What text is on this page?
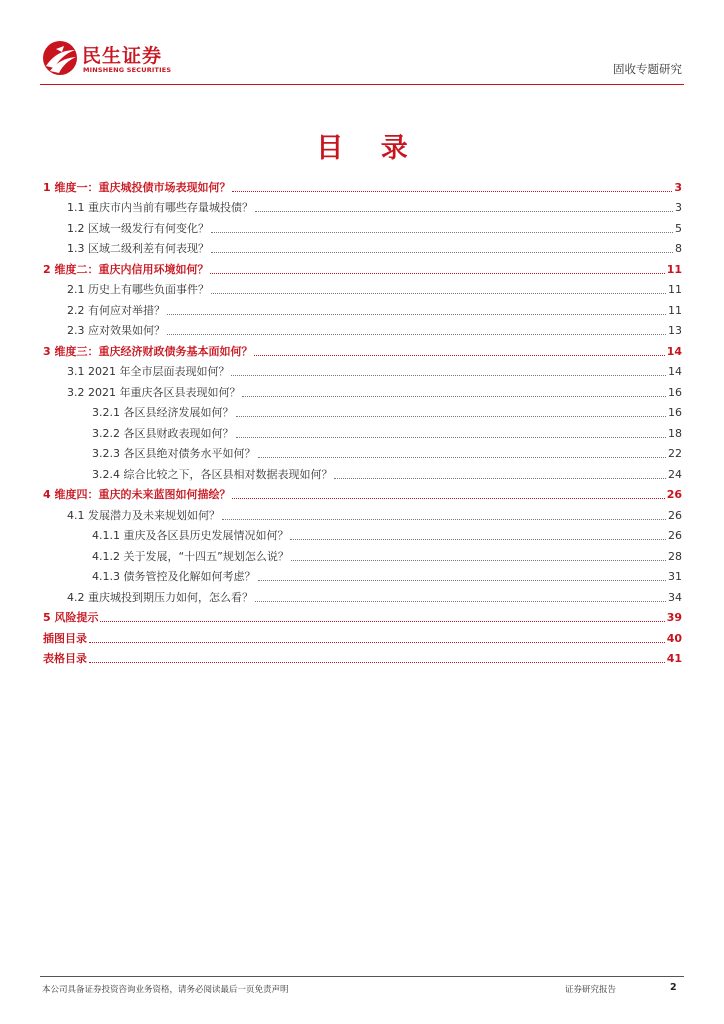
民生证券
MINSHENG SECURITIES	固收专题研究
目 录
1 维度一：重庆城投债市场表现如何？	3
1.1 重庆市内当前有哪些存量城投债？	3
1.2 区域一级发行有何变化？	5
1.3 区域二级利差有何表现？	8
2 维度二：重庆内信用环境如何？	11
2.1 历史上有哪些负面事件？	11
2.2 有何应对举措？	11
2.3 应对效果如何？	13
3 维度三：重庆经济财政债务基本面如何？	14
3.1 2021 年全市层面表现如何？	14
3.2 2021 年重庆各区县表现如何？	16
3.2.1 各区县经济发展如何？	16
3.2.2 各区县财政表现如何？	18
3.2.3 各区县绝对债务水平如何？	22
3.2.4 综合比较之下，各区县相对数据表现如何？	24
4 维度四：重庆的未来蓝图如何描绘？	26
4.1 发展潜力及未来规划如何？	26
4.1.1 重庆及各区县历史发展情况如何？	26
4.1.2 关于发展，“十四五”规划怎么说？	28
4.1.3 债务管控及化解如何考虑？	31
4.2 重庆城投到期压力如何，怎么看？	34
5 风险提示	39
插图目录	40
表格目录	41
本公司具备证券投资咨询业务资格，请务必阅读最后一页免责声明	证券研究报告	2
